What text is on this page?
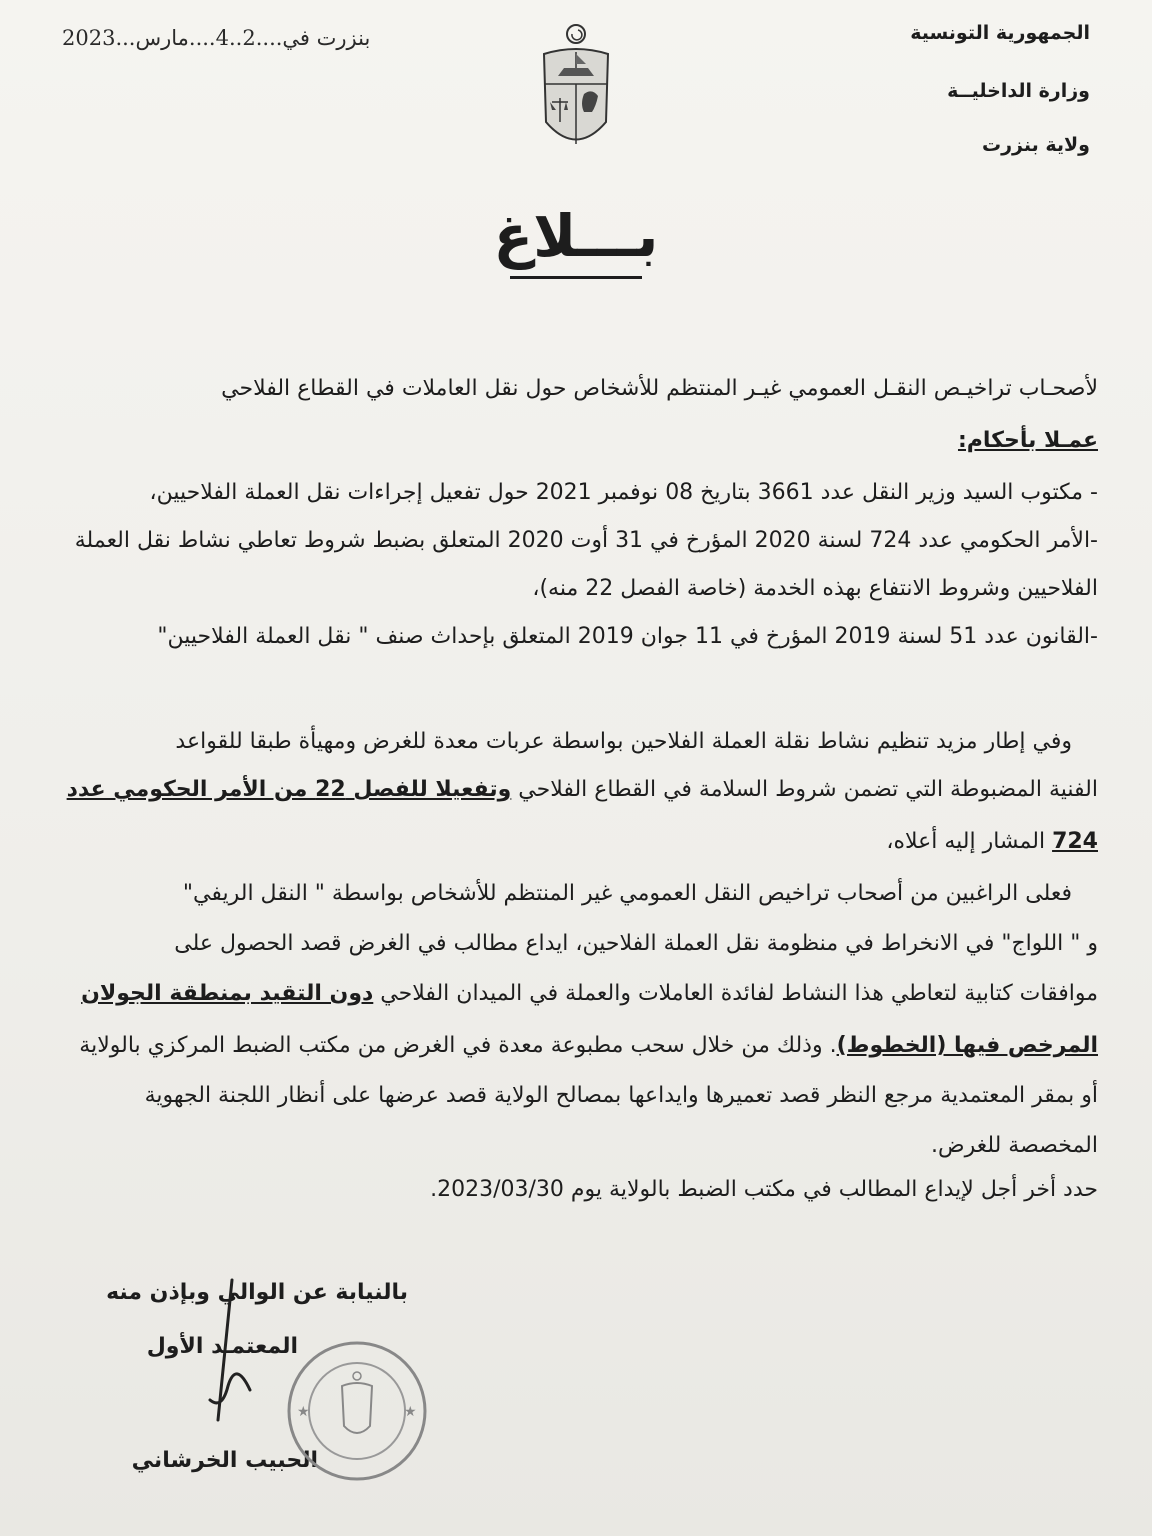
الجمهورية التونسية
وزارة الداخليــة
ولاية بنزرت
بنزرت في....2..4....مارس...2023
بـــلاغ
لأصحـاب تراخيـص النقـل العمومي غيـر المنتظم للأشخاص حول نقل العاملات في القطاع الفلاحي
عمـلا بأحكام:
- مكتوب السيد وزير النقل عدد 3661 بتاريخ 08 نوفمبر 2021 حول تفعيل إجراءات نقل العملة الفلاحيين،
-الأمر الحكومي عدد 724 لسنة 2020 المؤرخ في 31 أوت 2020 المتعلق بضبط شروط تعاطي نشاط نقل العملة
الفلاحيين وشروط الانتفاع بهذه الخدمة (خاصة الفصل 22 منه)،
-القانون عدد 51 لسنة 2019 المؤرخ في 11 جوان 2019 المتعلق بإحداث صنف " نقل العملة الفلاحيين"
وفي إطار مزيد تنظيم نشاط نقلة العملة الفلاحين بواسطة عربات معدة للغرض ومهيأة طبقا للقواعد
الفنية المضبوطة التي تضمن شروط السلامة في القطاع الفلاحي وتفعيلا للفصل 22 من الأمر الحكومي عدد
724 المشار إليه أعلاه،
فعلى الراغبين من أصحاب تراخيص النقل العمومي غير المنتظم للأشخاص بواسطة " النقل الريفي"
و " اللواج" في الانخراط في منظومة نقل العملة الفلاحين، ايداع مطالب في الغرض قصد الحصول على
موافقات كتابية لتعاطي هذا النشاط لفائدة العاملات والعملة في الميدان الفلاحي دون التقيد بمنطقة الجولان
المرخص فيها (الخطوط). وذلك من خلال سحب مطبوعة معدة في الغرض من مكتب الضبط المركزي بالولاية
أو بمقر المعتمدية مرجع النظر قصد تعميرها وايداعها بمصالح الولاية قصد عرضها على أنظار اللجنة الجهوية
المخصصة للغرض.
حدد أخر أجل لإيداع المطالب في مكتب الضبط بالولاية يوم 2023/03/30.
بالنيابة عن الوالي وبإذن منه
المعتمـد الأول
الحبيب الخرشاني
★	★
